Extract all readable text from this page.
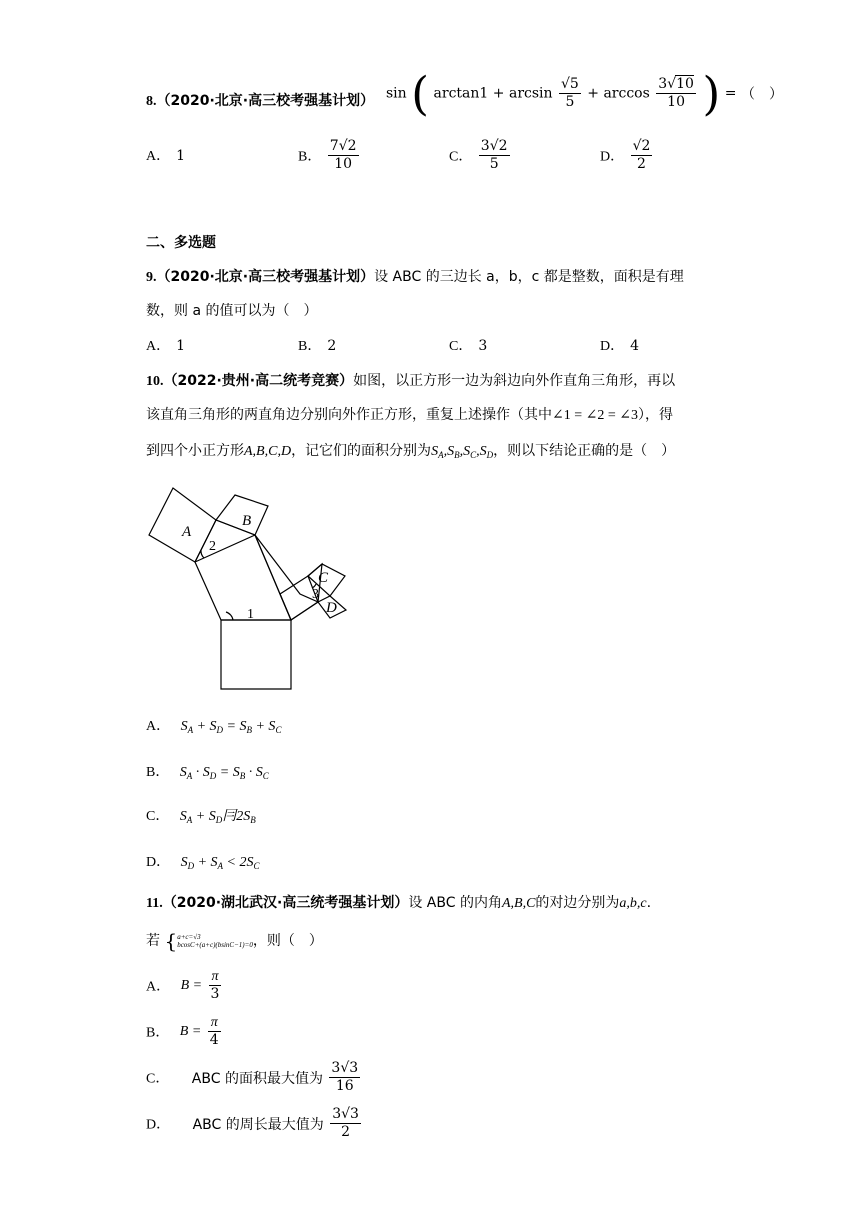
8.（2020·北京·高三校考强基计划） sin ( $\arctan 1 + \arcsin \frac{√5}{5} + \arccos \frac{3√10}{10}$ ) = （　）
A． 1	B． $\frac{7√2}{10}$	C． $\frac{3√2}{5}$	D． $\frac{√2}{2}$
二、多选题
9.（2020·北京·高三校考强基计划）设 ABC 的三边长 a，b，c 都是整数，面积是有理
数，则 a 的值可以为（　）
A． 1	B． 2	C． 3	D． 4
10.（2022·贵州·高二统考竞赛）如图，以正方形一边为斜边向外作直角三角形，再以
该直角三角形的两直角边分别向外作正方形，重复上述操作（其中∠1 = ∠2 = ∠3），得
到四个小正方形A,B,C,D，记它们的面积分别为$S_A,S_B,S_C,S_D$，则以下结论正确的是（　）
A
B
C
D
1
2
3
A． $S_A + S_D = S_B + S_C$
B． $S_A \cdot S_D = S_B \cdot S_C$
C． $S_A + S_D$冃$2S_B$
D． $S_D + S_A < 2S_C$
11.（2020·湖北武汉·高三统考强基计划）设 ABC 的内角A,B,C的对边分别为a,b,c.
若 { a+c=√3
bcosC+(a+c)(bsinC−1)=0 ，则（　）
A． $B = \frac{\pi}{3}$
B． $B = \frac{\pi}{4}$
C． ABC 的面积最大值为 $\frac{3√3}{16}$
D． ABC 的周长最大值为 $\frac{3√3}{2}$
